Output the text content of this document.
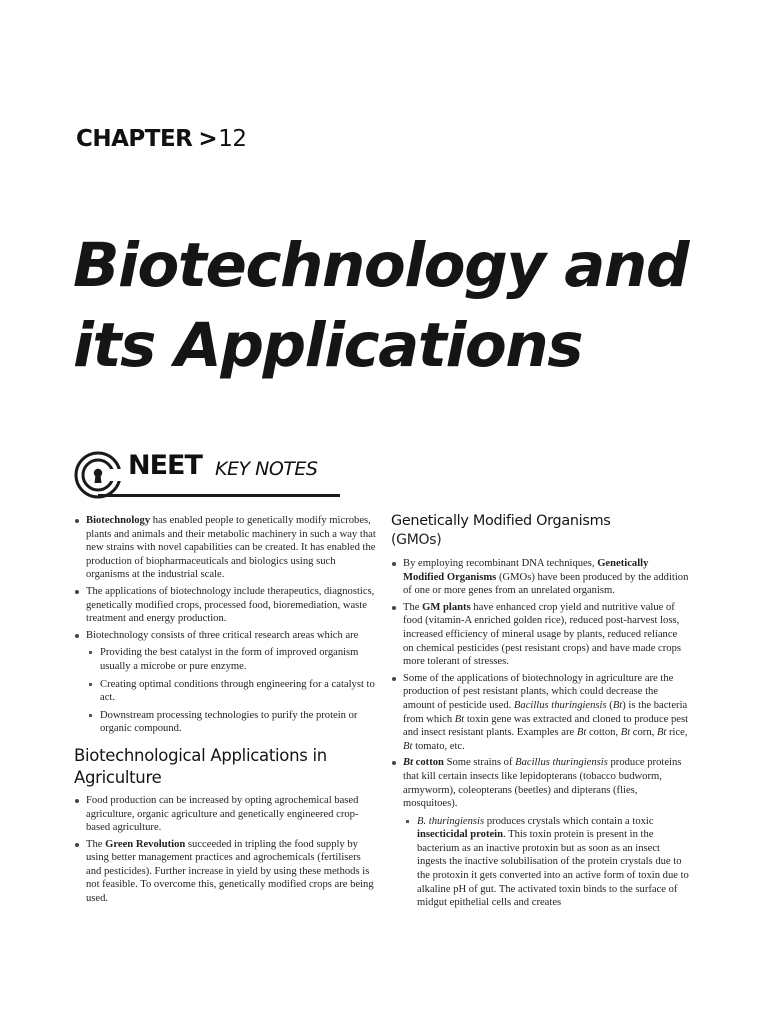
CHAPTER >12
Biotechnology and
its Applications
NEET KEY NOTES
Biotechnology has enabled people to genetically modify microbes, plants and animals and their metabolic machinery in such a way that new strains with novel capabilities can be created. It has enabled the production of biopharmaceuticals and biologics using such organisms at the industrial scale.
The applications of biotechnology include therapeutics, diagnostics, genetically modified crops, processed food, bioremediation, waste treatment and energy production.
Biotechnology consists of three critical research areas which are
Providing the best catalyst in the form of improved organism usually a microbe or pure enzyme.
Creating optimal conditions through engineering for a catalyst to act.
Downstream processing technologies to purify the protein or organic compound.
Biotechnological Applications in Agriculture
Food production can be increased by opting agrochemical based agriculture, organic agriculture and genetically engineered crop-based agriculture.
The Green Revolution succeeded in tripling the food supply by using better management practices and agrochemicals (fertilisers and pesticides). Further increase in yield by using these methods is not feasible. To overcome this, genetically modified crops are being used.
Genetically Modified Organisms
(GMOs)
By employing recombinant DNA techniques, Genetically Modified Organisms (GMOs) have been produced by the addition of one or more genes from an unrelated organism.
The GM plants have enhanced crop yield and nutritive value of food (vitamin-A enriched golden rice), reduced post-harvest loss, increased efficiency of mineral usage by plants, reduced reliance on chemical pesticides (pest resistant crops) and have made crops more tolerant of stresses.
Some of the applications of biotechnology in agriculture are the production of pest resistant plants, which could decrease the amount of pesticide used. Bacillus thuringiensis (Bt) is the bacteria from which Bt toxin gene was extracted and cloned to produce pest and insect resistant plants. Examples are Bt cotton, Bt corn, Bt rice, Bt tomato, etc.
Bt cotton Some strains of Bacillus thuringiensis produce proteins that kill certain insects like lepidopterans (tobacco budworm, armyworm), coleopterans (beetles) and dipterans (flies, mosquitoes).
B. thuringiensis produces crystals which contain a toxic insecticidal protein. This toxin protein is present in the bacterium as an inactive protoxin but as soon as an insect ingests the inactive solubilisation of the protein crystals due to the protoxin it gets converted into an active form of toxin due to alkaline pH of gut. The activated toxin binds to the surface of midgut epithelial cells and creates
